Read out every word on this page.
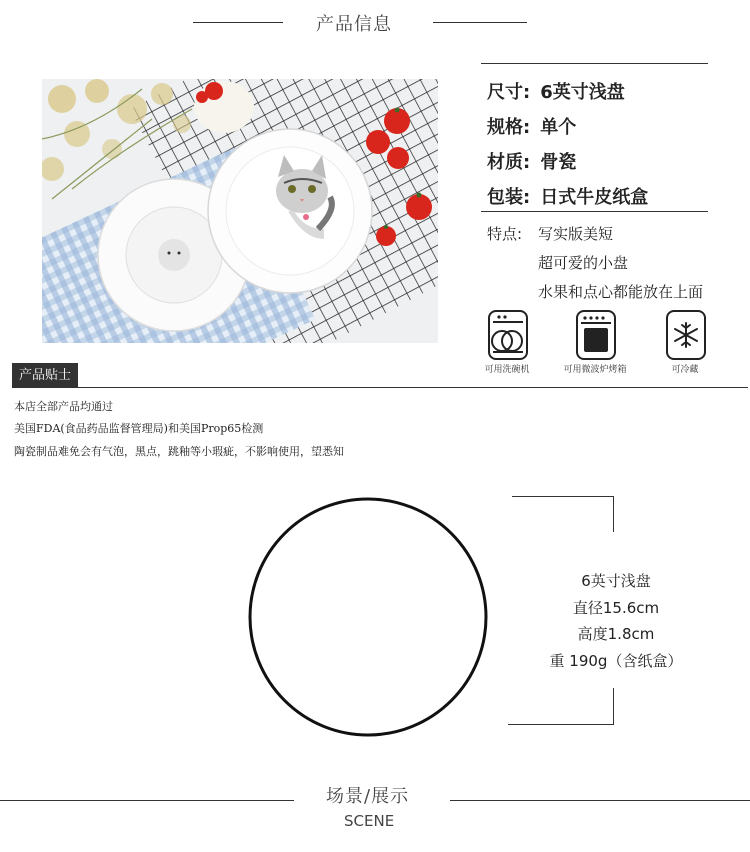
产品信息
尺寸: 6英寸浅盘
规格: 单个
材质: 骨瓷
包装: 日式牛皮纸盒
特点: 写实版美短
超可爱的小盘
水果和点心都能放在上面
可用洗碗机	可用微波炉烤箱	可冷藏
产品贴士
本店全部产品均通过
美国FDA(食品药品监督管理局)和美国Prop65检测
陶瓷制品难免会有气泡，黑点，跳釉等小瑕疵，不影响使用，望悉知
6英寸浅盘
直径15.6cm
高度1.8cm
重 190g（含纸盒）
场景/展示
SCENE
